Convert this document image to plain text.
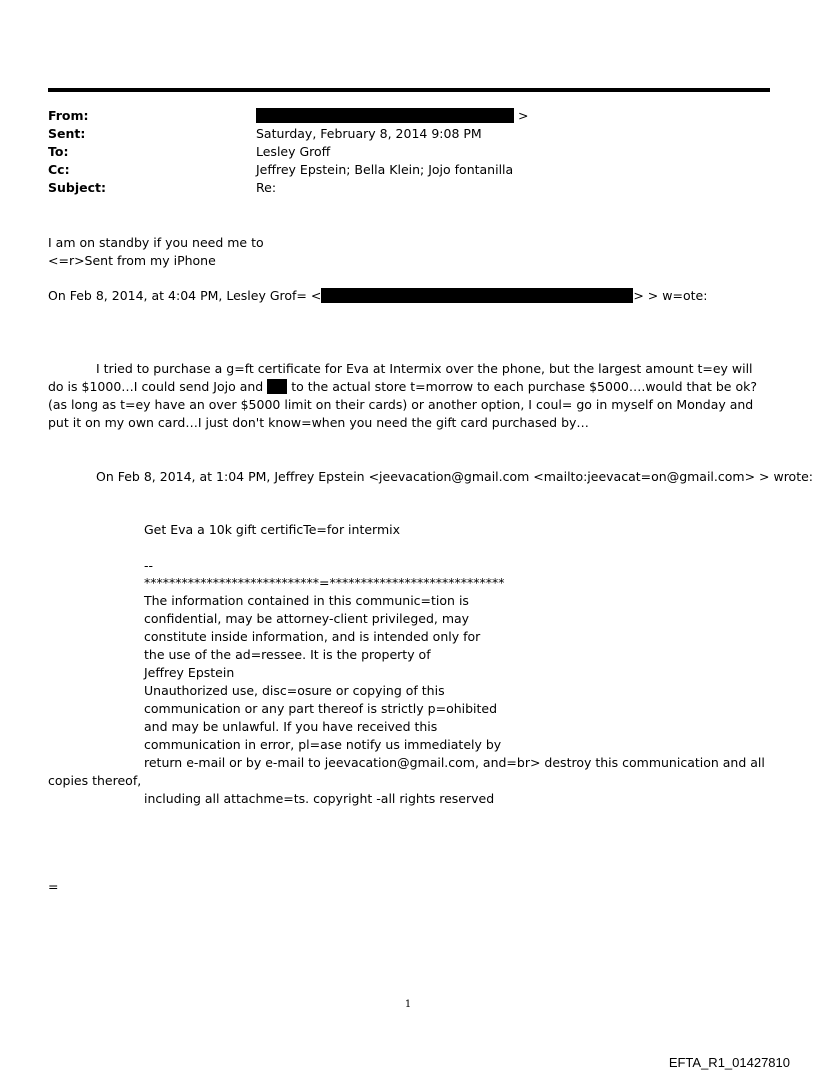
From:	>
Sent:	Saturday, February 8, 2014 9:08 PM
To:	Lesley Groff
Cc:	Jeffrey Epstein; Bella Klein; Jojo fontanilla
Subject:	Re:
I am on standby if you need me to
<=r>Sent from my iPhone
On Feb 8, 2014, at 4:04 PM, Lesley Grof= <	> > w=ote:
I tried to purchase a g=ft certificate for Eva at Intermix over the phone, but the largest amount t=ey will do is $1000…I could send Jojo and  to the actual store t=morrow to each purchase $5000….would that be ok? (as long as t=ey have an over $5000 limit on their cards) or another option, I coul= go in myself on Monday and put it on my own card…I just don't know=when you need the gift card purchased by…
On Feb 8, 2014, at 1:04 PM, Jeffrey Epstein <jeevacation@gmail.com <mailto:jeevacat=on@gmail.com> > wrote:
Get Eva a 10k gift certificTe=for intermix
--
****************************=****************************
The information contained in this communic=tion is
confidential, may be attorney-client privileged, may
constitute inside information, and is intended only for
the use of the ad=ressee. It is the property of
Jeffrey Epstein
Unauthorized use, disc=osure or copying of this
communication or any part thereof is strictly p=ohibited
and may be unlawful. If you have received this
communication in error, pl=ase notify us immediately by
return e-mail or by e-mail to jeevacation@gmail.com, and=br> destroy this communication and all
copies thereof,
including all attachme=ts. copyright -all rights reserved
=
1
EFTA_R1_01427810
